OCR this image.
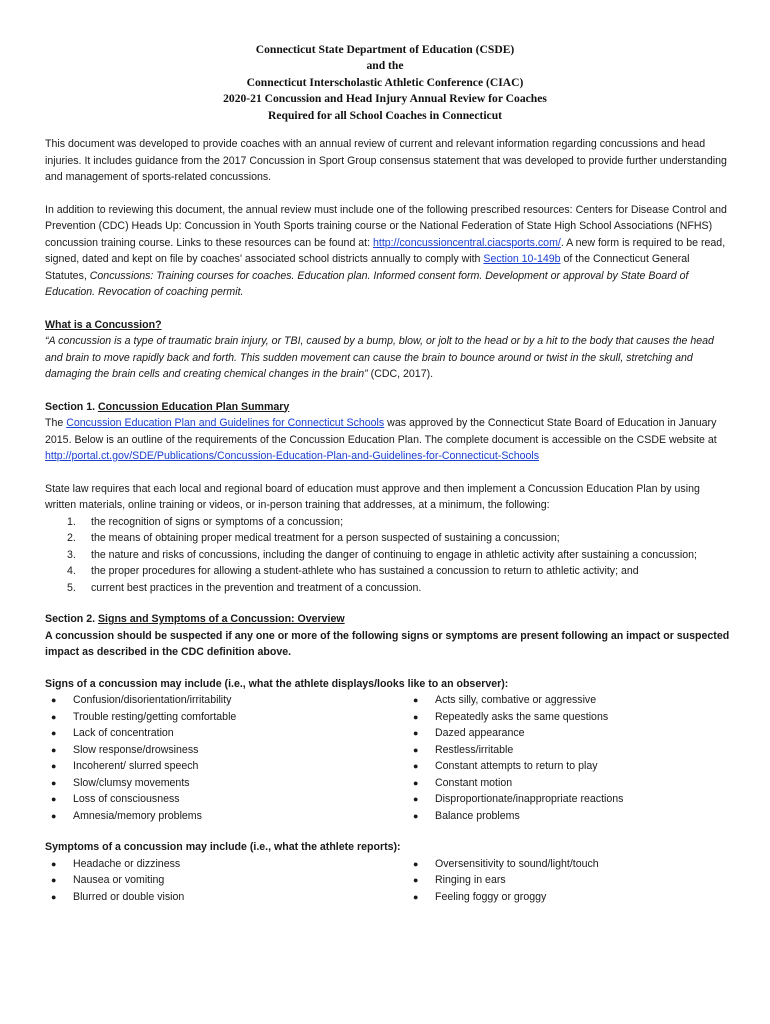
Connecticut State Department of Education (CSDE)
and the
Connecticut Interscholastic Athletic Conference (CIAC)
2020-21 Concussion and Head Injury Annual Review for Coaches
Required for all School Coaches in Connecticut

This document was developed to provide coaches with an annual review of current and relevant information regarding concussions and head injuries. It includes guidance from the 2017 Concussion in Sport Group consensus statement that was developed to provide further understanding and management of sports-related concussions.

In addition to reviewing this document, the annual review must include one of the following prescribed resources: Centers for Disease Control and Prevention (CDC) Heads Up: Concussion in Youth Sports training course or the National Federation of State High School Associations (NFHS) concussion training course. Links to these resources can be found at: http://concussioncentral.ciacsports.com/. A new form is required to be read, signed, dated and kept on file by coaches' associated school districts annually to comply with Section 10-149b of the Connecticut General Statutes, Concussions: Training courses for coaches. Education plan. Informed consent form. Development or approval by State Board of Education. Revocation of coaching permit.

What is a Concussion?

“A concussion is a type of traumatic brain injury, or TBI, caused by a bump, blow, or jolt to the head or by a hit to the body that causes the head and brain to move rapidly back and forth. This sudden movement can cause the brain to bounce around or twist in the skull, stretching and damaging the brain cells and creating chemical changes in the brain” (CDC, 2017).

Section 1. Concussion Education Plan Summary

The Concussion Education Plan and Guidelines for Connecticut Schools was approved by the Connecticut State Board of Education in January 2015. Below is an outline of the requirements of the Concussion Education Plan. The complete document is accessible on the CSDE website at http://portal.ct.gov/SDE/Publications/Concussion-Education-Plan-and-Guidelines-for-Connecticut-Schools

State law requires that each local and regional board of education must approve and then implement a Concussion Education Plan by using written materials, online training or videos, or in-person training that addresses, at a minimum, the following:

1. the recognition of signs or symptoms of a concussion;
2. the means of obtaining proper medical treatment for a person suspected of sustaining a concussion;
3. the nature and risks of concussions, including the danger of continuing to engage in athletic activity after sustaining a concussion;
4. the proper procedures for allowing a student-athlete who has sustained a concussion to return to athletic activity; and
5. current best practices in the prevention and treatment of a concussion.

Section 2. Signs and Symptoms of a Concussion: Overview

A concussion should be suspected if any one or more of the following signs or symptoms are present following an impact or suspected impact as described in the CDC definition above.

Signs of a concussion may include (i.e., what the athlete displays/looks like to an observer):

● Confusion/disorientation/irritability
● Trouble resting/getting comfortable
● Lack of concentration
● Slow response/drowsiness
● Incoherent/ slurred speech
● Slow/clumsy movements
● Loss of consciousness
● Amnesia/memory problems
● Acts silly, combative or aggressive
● Repeatedly asks the same questions
● Dazed appearance
● Restless/irritable
● Constant attempts to return to play
● Constant motion
● Disproportionate/inappropriate reactions
● Balance problems

Symptoms of a concussion may include (i.e., what the athlete reports):

● Headache or dizziness
● Nausea or vomiting
● Blurred or double vision
● Oversensitivity to sound/light/touch
● Ringing in ears
● Feeling foggy or groggy
